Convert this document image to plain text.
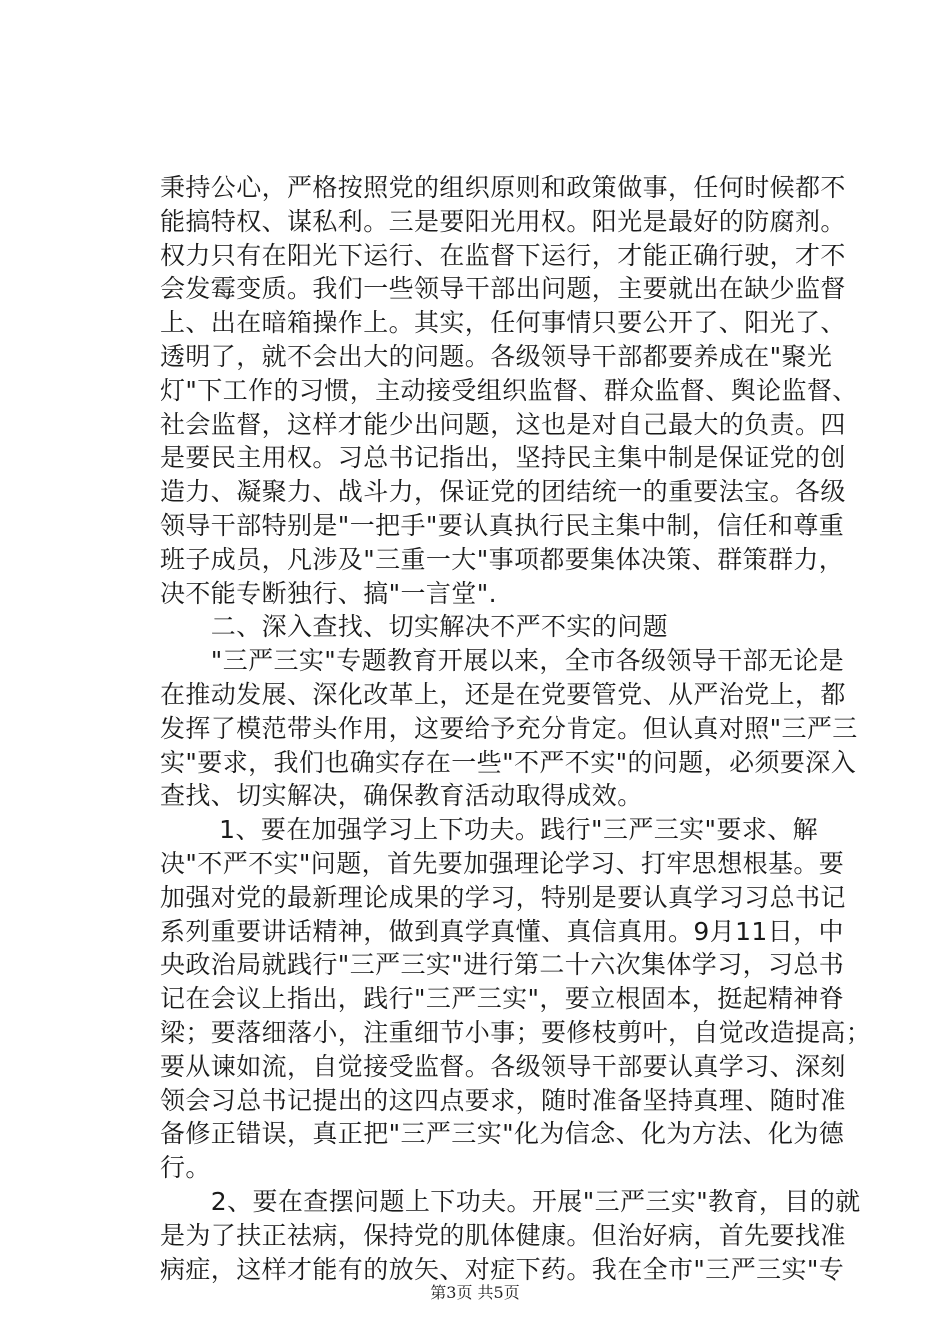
秉持公心，严格按照党的组织原则和政策做事，任何时候都不
能搞特权、谋私利。三是要阳光用权。阳光是最好的防腐剂。
权力只有在阳光下运行、在监督下运行，才能正确行驶，才不
会发霉变质。我们一些领导干部出问题，主要就出在缺少监督
上、出在暗箱操作上。其实，任何事情只要公开了、阳光了、
透明了，就不会出大的问题。各级领导干部都要养成在"聚光
灯"下工作的习惯，主动接受组织监督、群众监督、舆论监督、
社会监督，这样才能少出问题，这也是对自己最大的负责。四
是要民主用权。习总书记指出，坚持民主集中制是保证党的创
造力、凝聚力、战斗力，保证党的团结统一的重要法宝。各级
领导干部特别是"一把手"要认真执行民主集中制，信任和尊重
班子成员，凡涉及"三重一大"事项都要集体决策、群策群力，
决不能专断独行、搞"一言堂".
　　二、深入查找、切实解决不严不实的问题
　　"三严三实"专题教育开展以来，全市各级领导干部无论是
在推动发展、深化改革上，还是在党要管党、从严治党上，都
发挥了模范带头作用，这要给予充分肯定。但认真对照"三严三
实"要求，我们也确实存在一些"不严不实"的问题，必须要深入
查找、切实解决，确保教育活动取得成效。
　　 1、要在加强学习上下功夫。践行"三严三实"要求、解
决"不严不实"问题，首先要加强理论学习、打牢思想根基。要
加强对党的最新理论成果的学习，特别是要认真学习习总书记
系列重要讲话精神，做到真学真懂、真信真用。9月11日，中
央政治局就践行"三严三实"进行第二十六次集体学习，习总书
记在会议上指出，践行"三严三实"，要立根固本，挺起精神脊
梁；要落细落小，注重细节小事；要修枝剪叶，自觉改造提高；
要从谏如流，自觉接受监督。各级领导干部要认真学习、深刻
领会习总书记提出的这四点要求，随时准备坚持真理、随时准
备修正错误，真正把"三严三实"化为信念、化为方法、化为德
行。
　　2、要在查摆问题上下功夫。开展"三严三实"教育，目的就
是为了扶正祛病，保持党的肌体健康。但治好病，首先要找准
病症，这样才能有的放矢、对症下药。我在全市"三严三实"专
第3页 共5页
